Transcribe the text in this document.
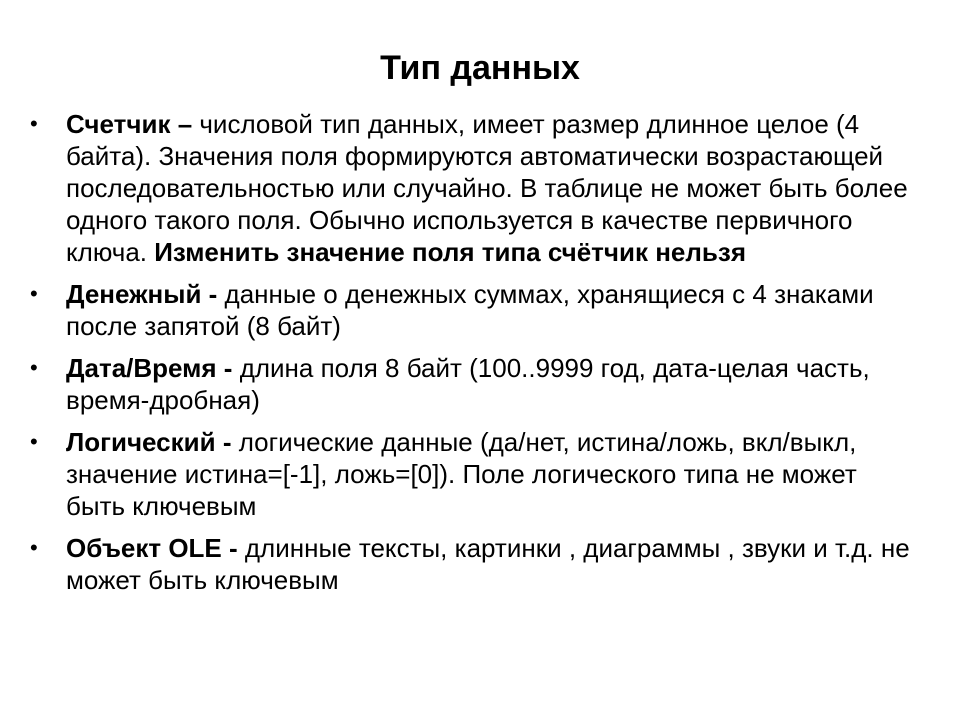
Тип данных
• Счетчик – числовой тип данных, имеет размер длинное целое (4 байта). Значения поля формируются автоматически возрастающей последовательностью или случайно. В таблице не может быть более одного такого поля. Обычно используется в качестве первичного ключа. Изменить значение поля типа счётчик нельзя
• Денежный - данные о денежных суммах, хранящиеся с 4 знаками после запятой (8 байт)
• Дата/Время - длина поля 8 байт (100..9999 год, дата-целая часть, время-дробная)
• Логический - логические данные (да/нет, истина/ложь, вкл/выкл, значение истина=[-1], ложь=[0]). Поле логического типа не может быть ключевым
• Объект OLE - длинные тексты, картинки , диаграммы , звуки и т.д. не может быть ключевым
